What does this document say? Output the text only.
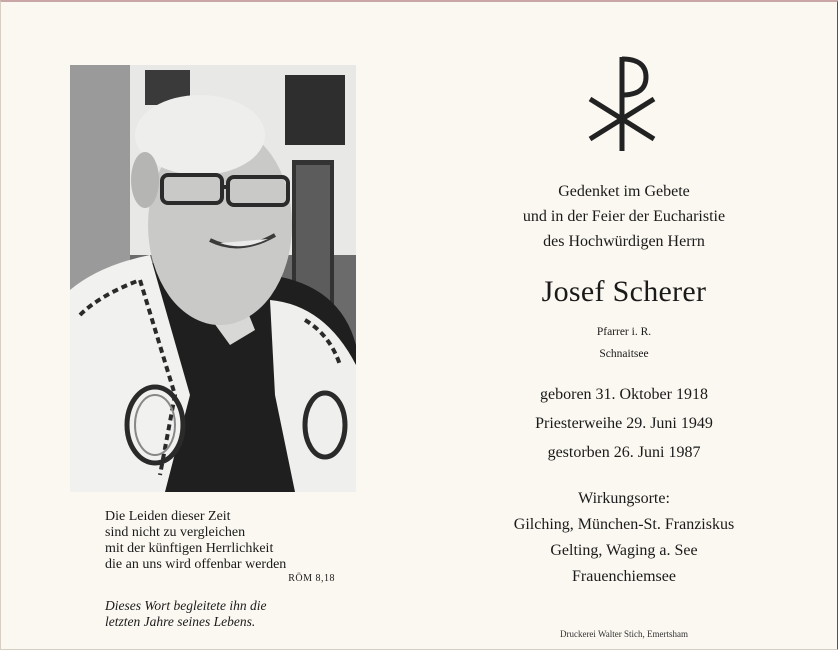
Die Leiden dieser Zeit
sind nicht zu vergleichen
mit der künftigen Herrlichkeit
die an uns wird offenbar werden
RÖM 8,18
Dieses Wort begleitete ihn die
letzten Jahre seines Lebens.
Gedenket im Gebete
und in der Feier der Eucharistie
des Hochwürdigen Herrn
Josef Scherer
Pfarrer i. R.
Schnaitsee
geboren 31. Oktober 1918
Priesterweihe 29. Juni 1949
gestorben 26. Juni 1987
Wirkungsorte:
Gilching, München-St. Franziskus
Gelting, Waging a. See
Frauenchiemsee
Druckerei Walter Stich, Emertsham
